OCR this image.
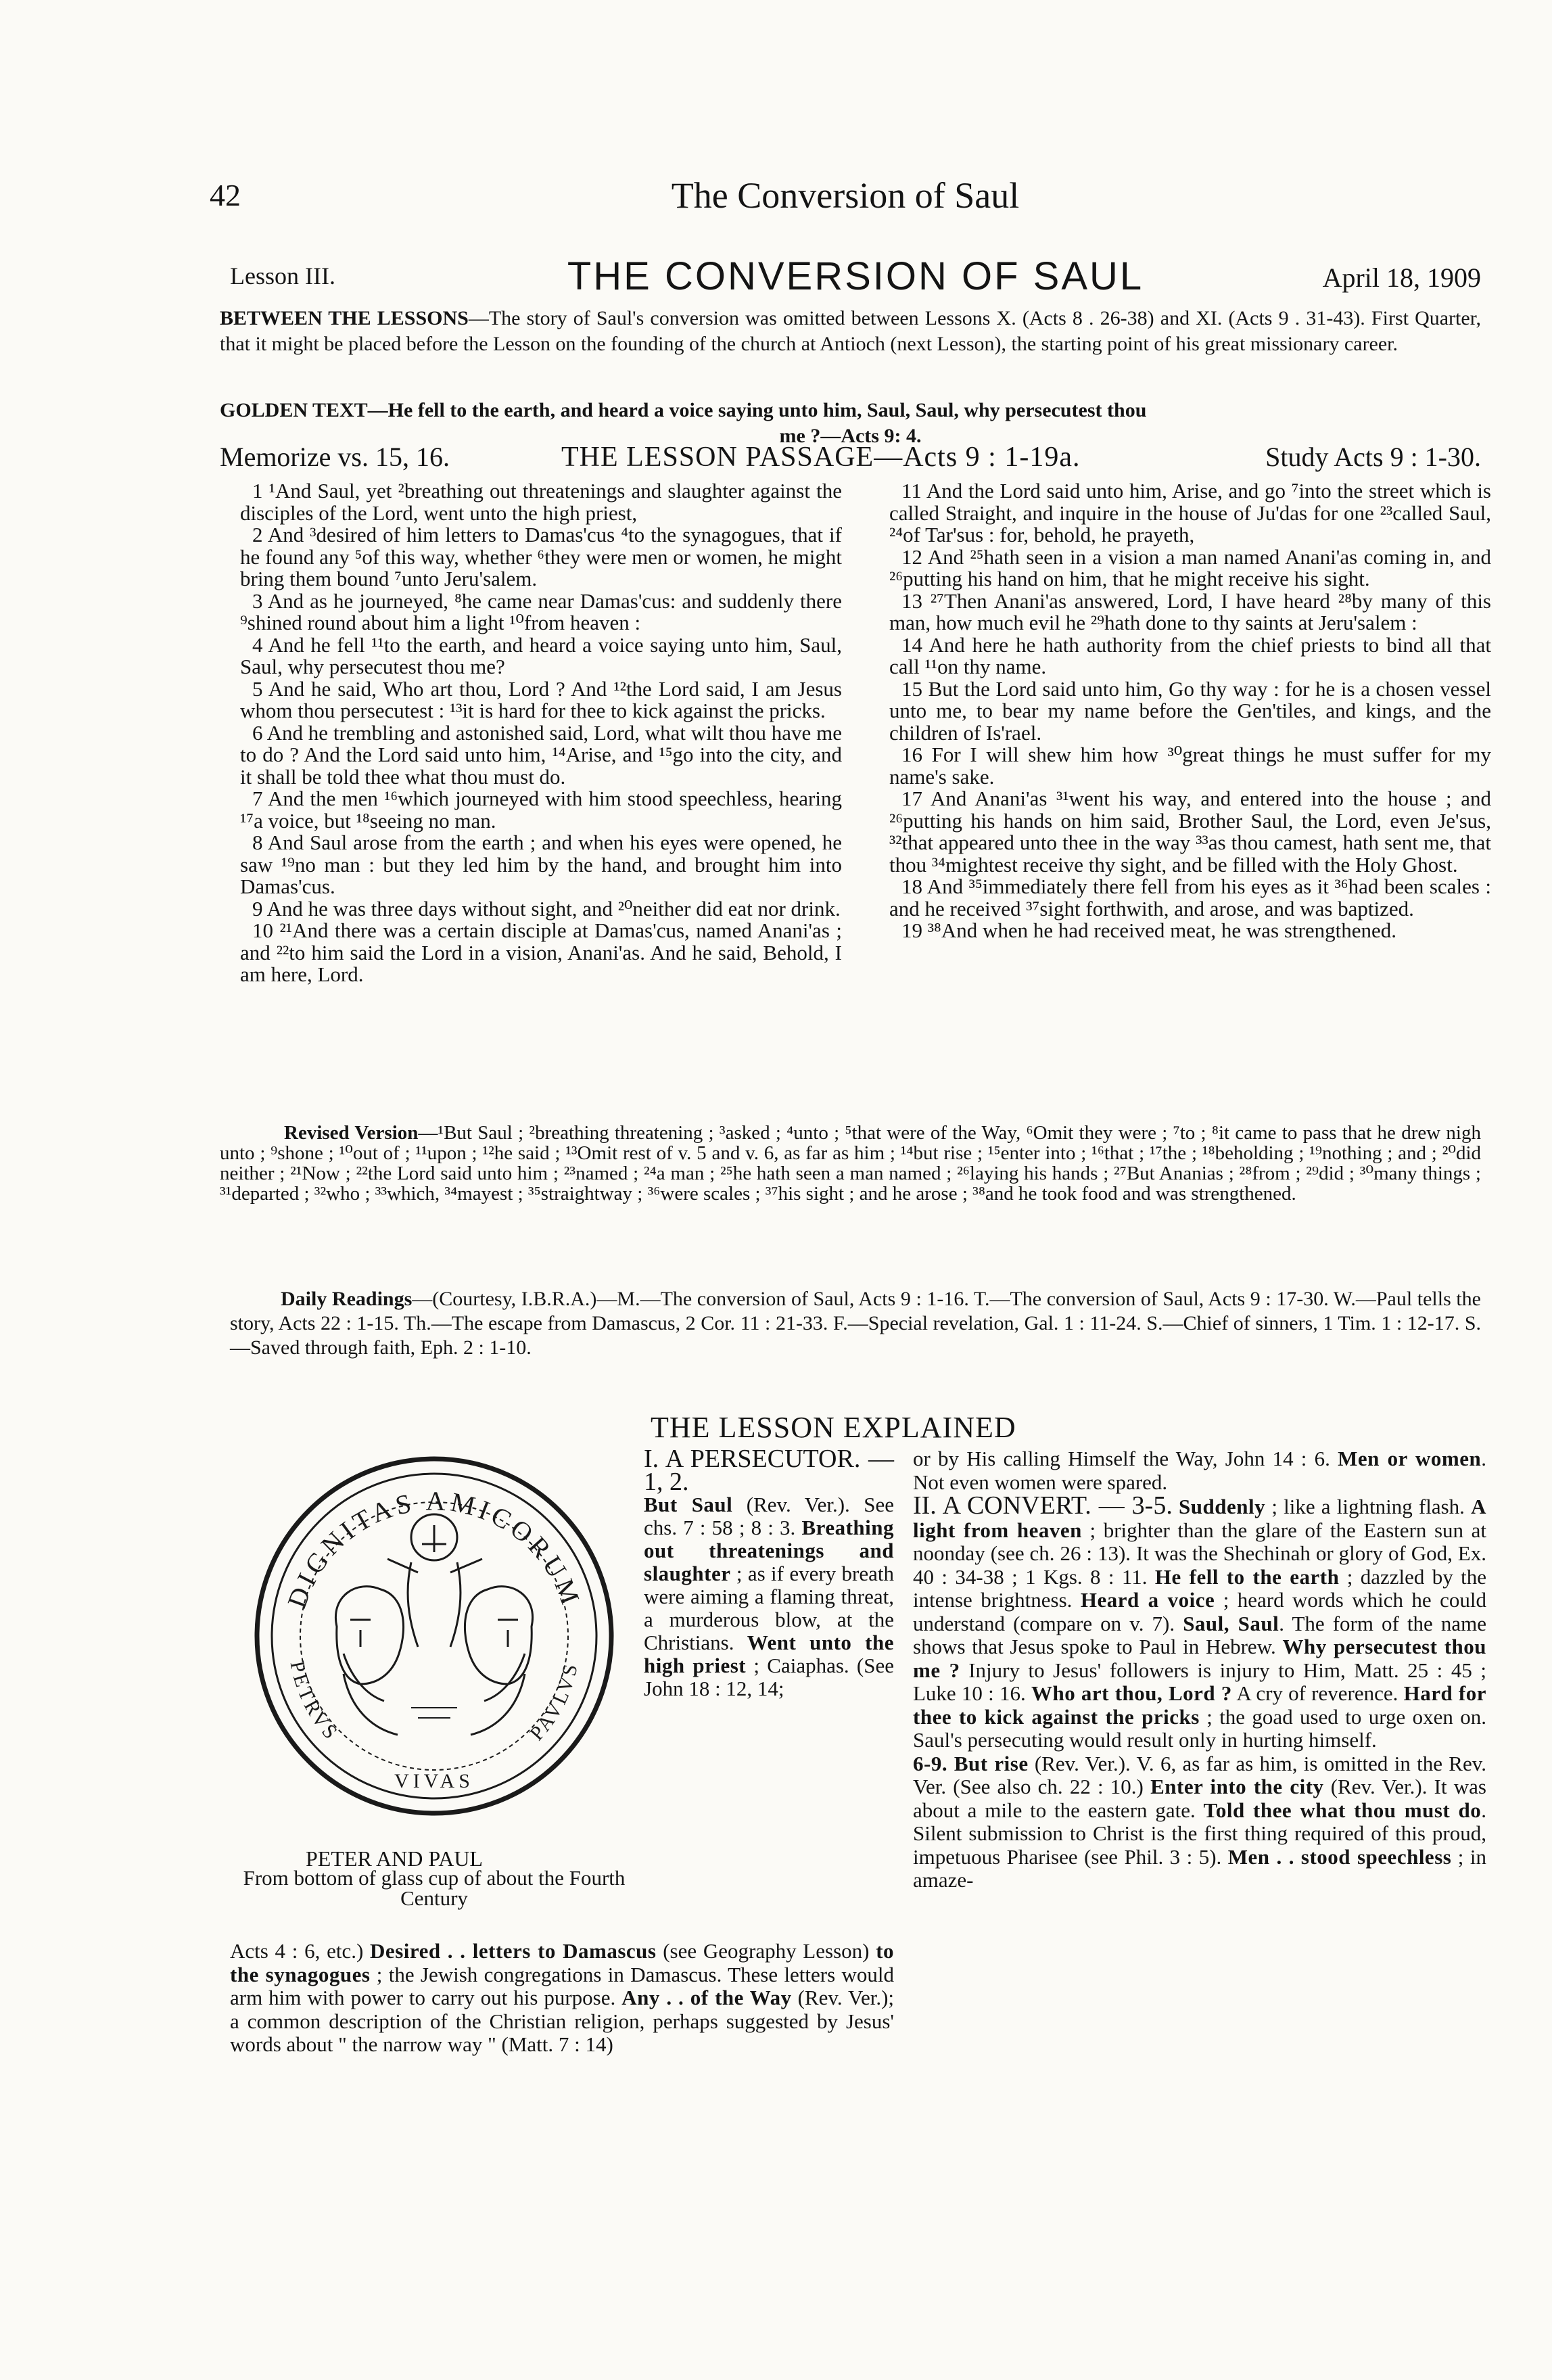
42	The Conversion of Saul
Lesson III.	THE CONVERSION OF SAUL	April 18, 1909
BETWEEN THE LESSONS—The story of Saul's conversion was omitted between Lessons X. (Acts 8 . 26-38) and XI. (Acts 9 . 31-43). First Quarter, that it might be placed before the Lesson on the founding of the church at Antioch (next Lesson), the starting point of his great missionary career.
GOLDEN TEXT—He fell to the earth, and heard a voice saying unto him, Saul, Saul, why persecutest thou
me ?—Acts 9: 4.
Memorize vs. 15, 16.	THE LESSON PASSAGE—Acts 9 : 1-19a.	Study Acts 9 : 1-30.

1 ¹And Saul, yet ²breathing out threatenings and slaughter against the disciples of the Lord, went unto the high priest,

2 And ³desired of him letters to Damas'cus ⁴to the synagogues, that if he found any ⁵of this way, whether ⁶they were men or women, he might bring them bound ⁷unto Jeru'salem.

3 And as he journeyed, ⁸he came near Damas'cus: and suddenly there ⁹shined round about him a light ¹⁰from heaven :

4 And he fell ¹¹to the earth, and heard a voice saying unto him, Saul, Saul, why persecutest thou me?

5 And he said, Who art thou, Lord ? And ¹²the Lord said, I am Jesus whom thou persecutest : ¹³it is hard for thee to kick against the pricks.

6 And he trembling and astonished said, Lord, what wilt thou have me to do ? And the Lord said unto him, ¹⁴Arise, and ¹⁵go into the city, and it shall be told thee what thou must do.

7 And the men ¹⁶which journeyed with him stood speechless, hearing ¹⁷a voice, but ¹⁸seeing no man.

8 And Saul arose from the earth ; and when his eyes were opened, he saw ¹⁹no man : but they led him by the hand, and brought him into Damas'cus.

9 And he was three days without sight, and ²⁰neither did eat nor drink.

10 ²¹And there was a certain disciple at Damas'cus, named Anani'as ; and ²²to him said the Lord in a vision, Anani'as. And he said, Behold, I am here, Lord.

11 And the Lord said unto him, Arise, and go ⁷into the street which is called Straight, and inquire in the house of Ju'das for one ²³called Saul, ²⁴of Tar'sus : for, behold, he prayeth,

12 And ²⁵hath seen in a vision a man named Anani'as coming in, and ²⁶putting his hand on him, that he might receive his sight.

13 ²⁷Then Anani'as answered, Lord, I have heard ²⁸by many of this man, how much evil he ²⁹hath done to thy saints at Jeru'salem :

14 And here he hath authority from the chief priests to bind all that call ¹¹on thy name.

15 But the Lord said unto him, Go thy way : for he is a chosen vessel unto me, to bear my name before the Gen'tiles, and kings, and the children of Is'rael.

16 For I will shew him how ³⁰great things he must suffer for my name's sake.

17 And Anani'as ³¹went his way, and entered into the house ; and ²⁶putting his hands on him said, Brother Saul, the Lord, even Je'sus, ³²that appeared unto thee in the way ³³as thou camest, hath sent me, that thou ³⁴mightest receive thy sight, and be filled with the Holy Ghost.

18 And ³⁵immediately there fell from his eyes as it ³⁶had been scales : and he received ³⁷sight forthwith, and arose, and was baptized.

19 ³⁸And when he had received meat, he was strengthened.

Revised Version—¹But Saul ; ²breathing threatening ; ³asked ; ⁴unto ; ⁵that were of the Way, ⁶Omit they were ; ⁷to ; ⁸it came to pass that he drew nigh unto ; ⁹shone ; ¹⁰out of ; ¹¹upon ; ¹²he said ; ¹³Omit rest of v. 5 and v. 6, as far as him ; ¹⁴but rise ; ¹⁵enter into ; ¹⁶that ; ¹⁷the ; ¹⁸beholding ; ¹⁹nothing ; and ; ²⁰did neither ; ²¹Now ; ²²the Lord said unto him ; ²³named ; ²⁴a man ; ²⁵he hath seen a man named ; ²⁶laying his hands ; ²⁷But Ananias ; ²⁸from ; ²⁹did ; ³⁰many things ; ³¹departed ; ³²who ; ³³which, ³⁴mayest ; ³⁵straightway ; ³⁶were scales ; ³⁷his sight ; and he arose ; ³⁸and he took food and was strengthened.
Daily Readings—(Courtesy, I.B.R.A.)—M.—The conversion of Saul, Acts 9 : 1-16. T.—The conversion of Saul, Acts 9 : 17-30. W.—Paul tells the story, Acts 22 : 1-15. Th.—The escape from Damascus, 2 Cor. 11 : 21-33. F.—Special revelation, Gal. 1 : 11-24. S.—Chief of sinners, 1 Tim. 1 : 12-17. S.—Saved through faith, Eph. 2 : 1-10.
THE LESSON EXPLAINED
DIGNITAS AMICORUM
PETRVS	PAVLVS
VIVAS
PETER AND PAUL
From bottom of glass cup of about the Fourth Century
I. A PERSECUTOR. — 1, 2.
But Saul (Rev. Ver.). See chs. 7 : 58 ; 8 : 3. Breathing out threatenings and slaughter ; as if every breath were aiming a flaming threat, a murderous blow, at the Christians. Went unto the high priest ; Caiaphas. (See John 18 : 12, 14;
Acts 4 : 6, etc.) Desired . . letters to Damascus (see Geography Lesson) to the synagogues ; the Jewish congregations in Damascus. These letters would arm him with power to carry out his purpose. Any . . of the Way (Rev. Ver.); a common description of the Christian religion, perhaps suggested by Jesus' words about " the narrow way " (Matt. 7 : 14)
or by His calling Himself the Way, John 14 : 6. Men or women. Not even women were spared.
II. A CONVERT. — 3-5. Suddenly ; like a lightning flash. A light from heaven ; brighter than the glare of the Eastern sun at noonday (see ch. 26 : 13). It was the Shechinah or glory of God, Ex. 40 : 34-38 ; 1 Kgs. 8 : 11. He fell to the earth ; dazzled by the intense brightness. Heard a voice ; heard words which he could understand (compare on v. 7). Saul, Saul. The form of the name shows that Jesus spoke to Paul in Hebrew. Why persecutest thou me ? Injury to Jesus' followers is injury to Him, Matt. 25 : 45 ; Luke 10 : 16. Who art thou, Lord ? A cry of reverence. Hard for thee to kick against the pricks ; the goad used to urge oxen on. Saul's persecuting would result only in hurting himself.
6-9. But rise (Rev. Ver.). V. 6, as far as him, is omitted in the Rev. Ver. (See also ch. 22 : 10.) Enter into the city (Rev. Ver.). It was about a mile to the eastern gate. Told thee what thou must do. Silent submission to Christ is the first thing required of this proud, impetuous Pharisee (see Phil. 3 : 5). Men . . stood speechless ; in amaze-
